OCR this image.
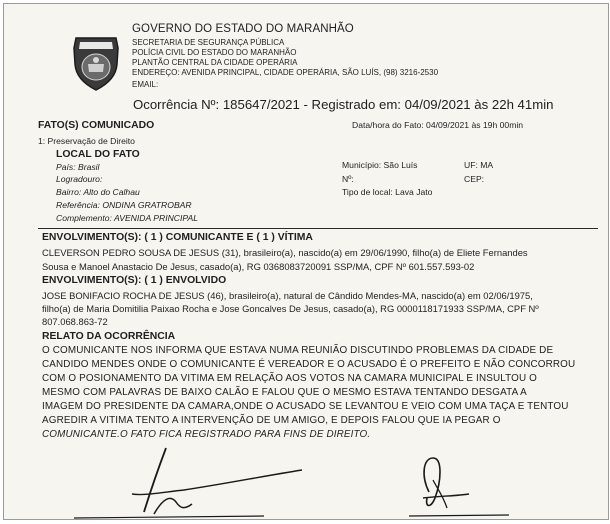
GOVERNO DO ESTADO DO MARANHÃO
SECRETARIA DE SEGURANÇA PÚBLICA
POLÍCIA CIVIL DO ESTADO DO MARANHÃO
PLANTÃO CENTRAL DA CIDADE OPERÁRIA
ENDEREÇO: AVENIDA PRINCIPAL, CIDADE OPERÁRIA, SÃO LUÍS, (98) 3216-2530
EMAIL:
Ocorrência Nº: 185647/2021 - Registrado em: 04/09/2021 às 22h 41min
FATO(S) COMUNICADO	Data/hora do Fato: 04/09/2021 às 19h 00min
1: Preservação de Direito
LOCAL DO FATO
País: Brasil
Logradouro:
Bairro: Alto do Calhau
Referência: ONDINA GRATROBAR
Complemento: AVENIDA PRINCIPAL
Município: São Luís
Nº:
Tipo de local: Lava Jato
UF: MA
CEP:
ENVOLVIMENTO(S): ( 1 ) COMUNICANTE E ( 1 ) VÍTIMA
CLEVERSON PEDRO SOUSA DE JESUS (31), brasileiro(a), nascido(a) em 29/06/1990, filho(a) de Eliete Fernandes
Sousa e Manoel Anastacio De Jesus, casado(a), RG 0368083720091 SSP/MA, CPF Nº 601.557.593-02
ENVOLVIMENTO(S): ( 1 ) ENVOLVIDO
JOSE BONIFACIO ROCHA DE JESUS (46), brasileiro(a), natural de Cândido Mendes-MA, nascido(a) em 02/06/1975,
filho(a) de Maria Domitilia Paixao Rocha e Jose Goncalves De Jesus, casado(a), RG 0000118171933 SSP/MA, CPF Nº
807.068.863-72
RELATO DA OCORRÊNCIA
O COMUNICANTE NOS INFORMA QUE ESTAVA NUMA REUNIÃO DISCUTINDO PROBLEMAS DA CIDADE DE
CANDIDO MENDES ONDE O COMUNICANTE É VEREADOR E O ACUSADO É O PREFEITO E NÃO CONCORROU
COM O POSIONAMENTO DA VITIMA EM RELAÇÃO AOS VOTOS NA CAMARA MUNICIPAL E INSULTOU O
MESMO COM PALAVRAS DE BAIXO CALÃO E FALOU QUE O MESMO ESTAVA TENTANDO DESGATA A
IMAGEM DO PRESIDENTE DA CAMARA,ONDE O ACUSADO SE LEVANTOU E VEIO COM UMA TAÇA E TENTOU
AGREDIR A VITIMA TENTO A INTERVENÇÃO DE UM AMIGO, E DEPOIS FALOU QUE IA PEGAR O
COMUNICANTE.O FATO FICA REGISTRADO PARA FINS DE DIREITO.
